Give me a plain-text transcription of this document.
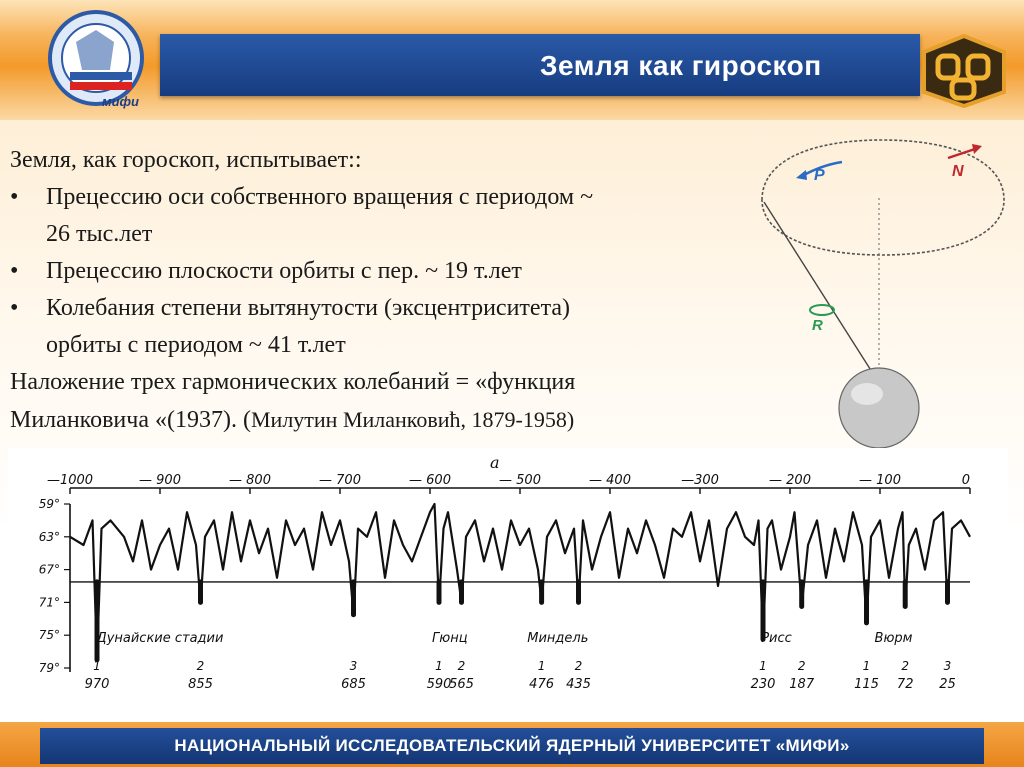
мифи
Земля как гироскоп
Земля, как гороскоп, испытывает::
• Прецессию оси собственного вращения с периодом ~
26 тыс.лет
• Прецессию плоскости орбиты с пер. ~ 19 т.лет
• Колебания степени вытянутости (эксцентриситета)
орбиты с периодом ~ 41 т.лет
Наложение трех гармонических колебаний = «функция
Миланковича «(1937). (Милутин Миланковић, 1879-1958)
P	N
R
a
—1000	— 900	— 800	— 700	— 600	— 500	— 400	—300	— 200	— 100	0
59°
63°
67°
71°
75°
79°	1
970
2
855
3
685
1
590
2
565
1
476
2
435
1
230
2
187
1
115
2
72
3
25
Дунайские стадии	Гюнц	Миндель	Рисс	Вюрм
НАЦИОНАЛЬНЫЙ ИССЛЕДОВАТЕЛЬСКИЙ ЯДЕРНЫЙ УНИВЕРСИТЕТ «МИФИ»
